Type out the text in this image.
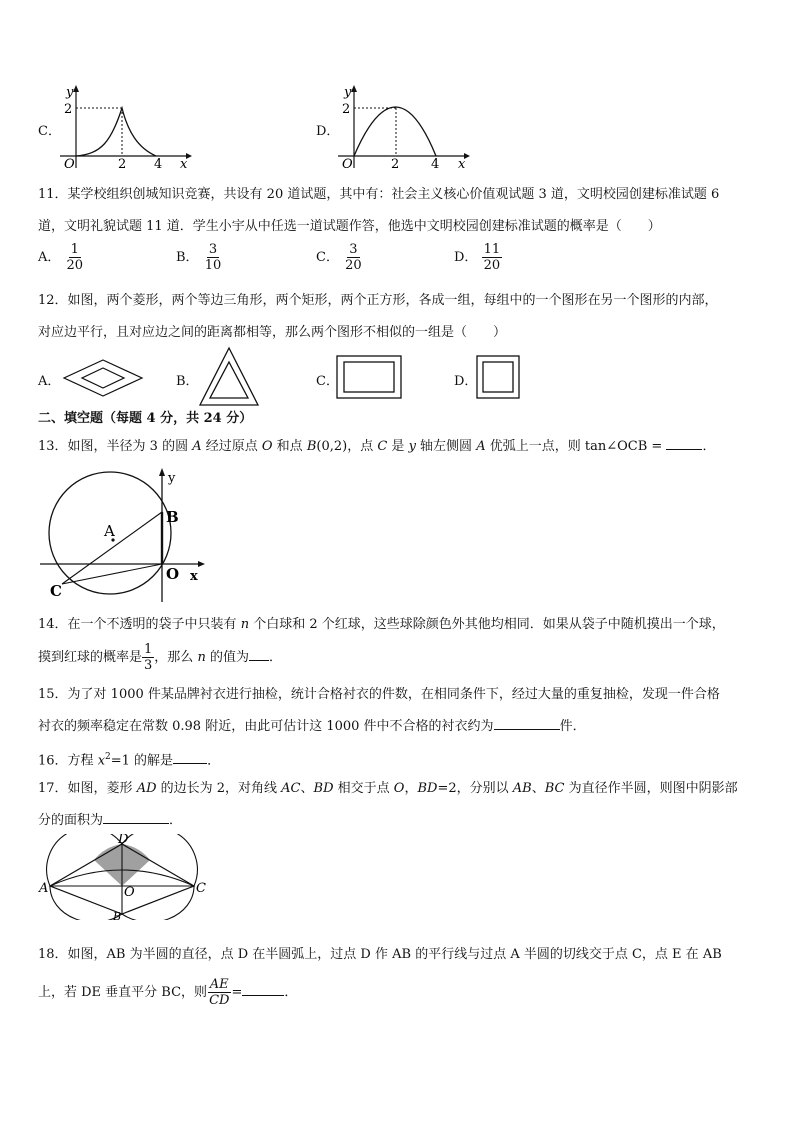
C．
y
x
O
2
2 4
D．
y
x
O
2
2 4
11．某学校组织创城知识竞赛，共设有 20 道试题，其中有：社会主义核心价值观试题 3 道，文明校园创建标准试题 6
道，文明礼貌试题 11 道．学生小宇从中任选一道试题作答，他选中文明校园创建标准试题的概率是（　　）
A． $\frac{1}{20}$	B． $\frac{3}{10}$	C． $\frac{3}{20}$	D． $\frac{11}{20}$
12．如图，两个菱形，两个等边三角形，两个矩形，两个正方形，各成一组，每组中的一个图形在另一个图形的内部，
对应边平行，且对应边之间的距离都相等，那么两个图形不相似的一组是（　　）
A．	B．	C．	D．
二、填空题（每题 4 分，共 24 分）
13．如图，半径为 3 的圆 A 经过原点 O 和点 B(0,2)，点 C 是 y 轴左侧圆 A 优弧上一点，则 tan∠OCB =	．
A
B
C
O x
y
14．在一个不透明的袋子中只装有 n 个白球和 2 个红球，这些球除颜色外其他均相同．如果从袋子中随机摸出一个球，
摸到红球的概率是 $\frac{1}{3}$ ，那么 n 的值为 ．
15．为了对 1000 件某品牌衬衣进行抽检，统计合格衬衣的件数，在相同条件下，经过大量的重复抽检，发现一件合格
衬衣的频率稳定在常数 0.98 附近，由此可估计这 1000 件中不合格的衬衣约为	件．
16．方程 $x^2=1$ 的解是	．
17．如图，菱形 AD 的边长为 2，对角线 AC、BD 相交于点 O，BD=2，分别以 AB、BC 为直径作半圆，则图中阴影部
分的面积为	．
A
D
C
O
B
18．如图，AB 为半圆的直径，点 D 在半圆弧上，过点 D 作 AB 的平行线与过点 A 半圆的切线交于点 C，点 E 在 AB
上，若 DE 垂直平分 BC，则 $\frac{AE}{CD}$ =	．
